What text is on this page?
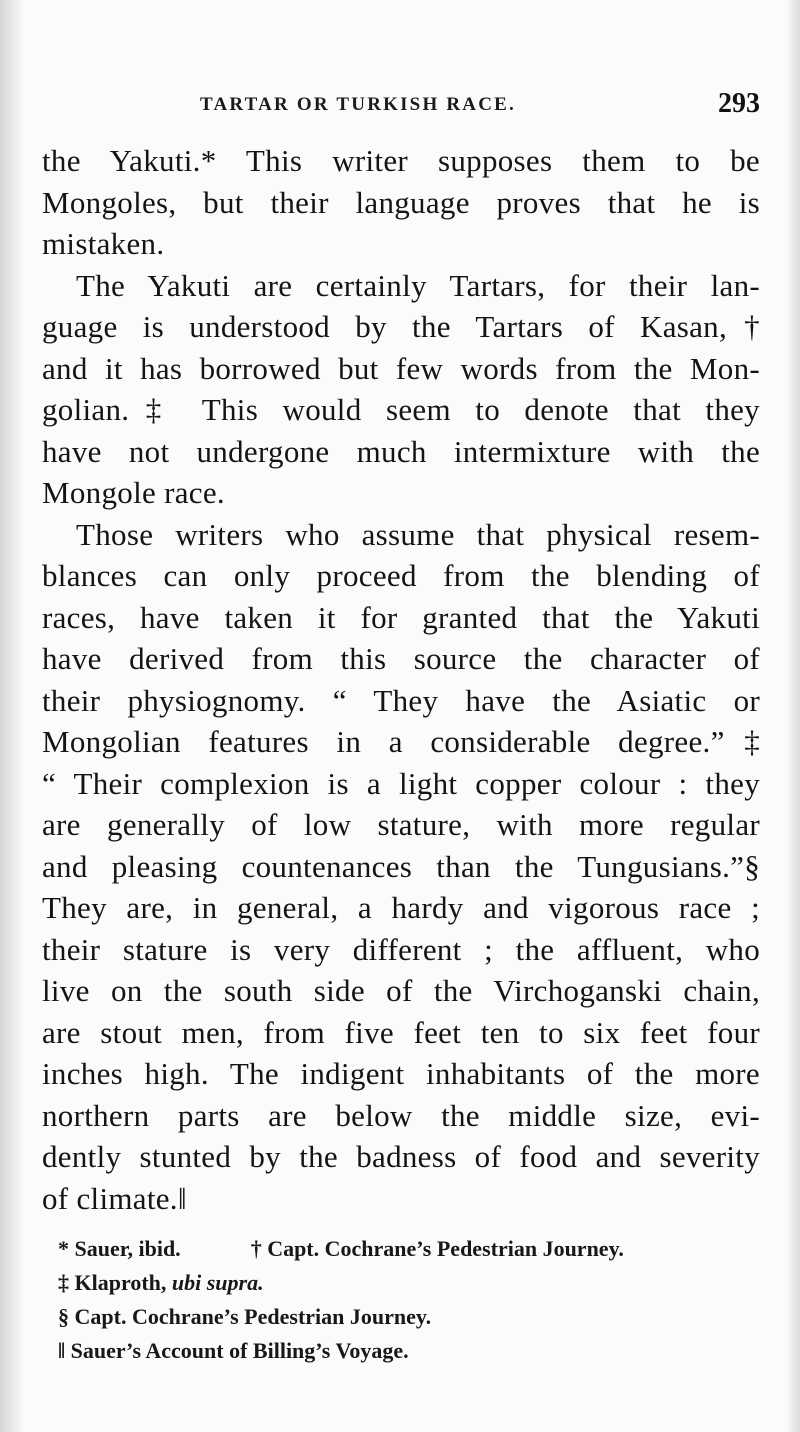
TARTAR OR TURKISH RACE.	293
the Yakuti.* This writer supposes them to be
Mongoles, but their language proves that he is
mistaken.
The Yakuti are certainly Tartars, for their lan-
guage is understood by the Tartars of Kasan,†
and it has borrowed but few words from the Mon-
golian.‡ This would seem to denote that they
have not undergone much intermixture with the
Mongole race.
Those writers who assume that physical resem-
blances can only proceed from the blending of
races, have taken it for granted that the Yakuti
have derived from this source the character of
their physiognomy. “ They have the Asiatic or
Mongolian features in a considerable degree.”‡
“ Their complexion is a light copper colour : they
are generally of low stature, with more regular
and pleasing countenances than the Tungusians.”§
They are, in general, a hardy and vigorous race ;
their stature is very different ; the affluent, who
live on the south side of the Virchoganski chain,
are stout men, from five feet ten to six feet four
inches high. The indigent inhabitants of the more
northern parts are below the middle size, evi-
dently stunted by the badness of food and severity
of climate.‖
* Sauer, ibid.	† Capt. Cochrane’s Pedestrian Journey.
‡ Klaproth, ubi supra.
§ Capt. Cochrane’s Pedestrian Journey.
‖ Sauer’s Account of Billing’s Voyage.
